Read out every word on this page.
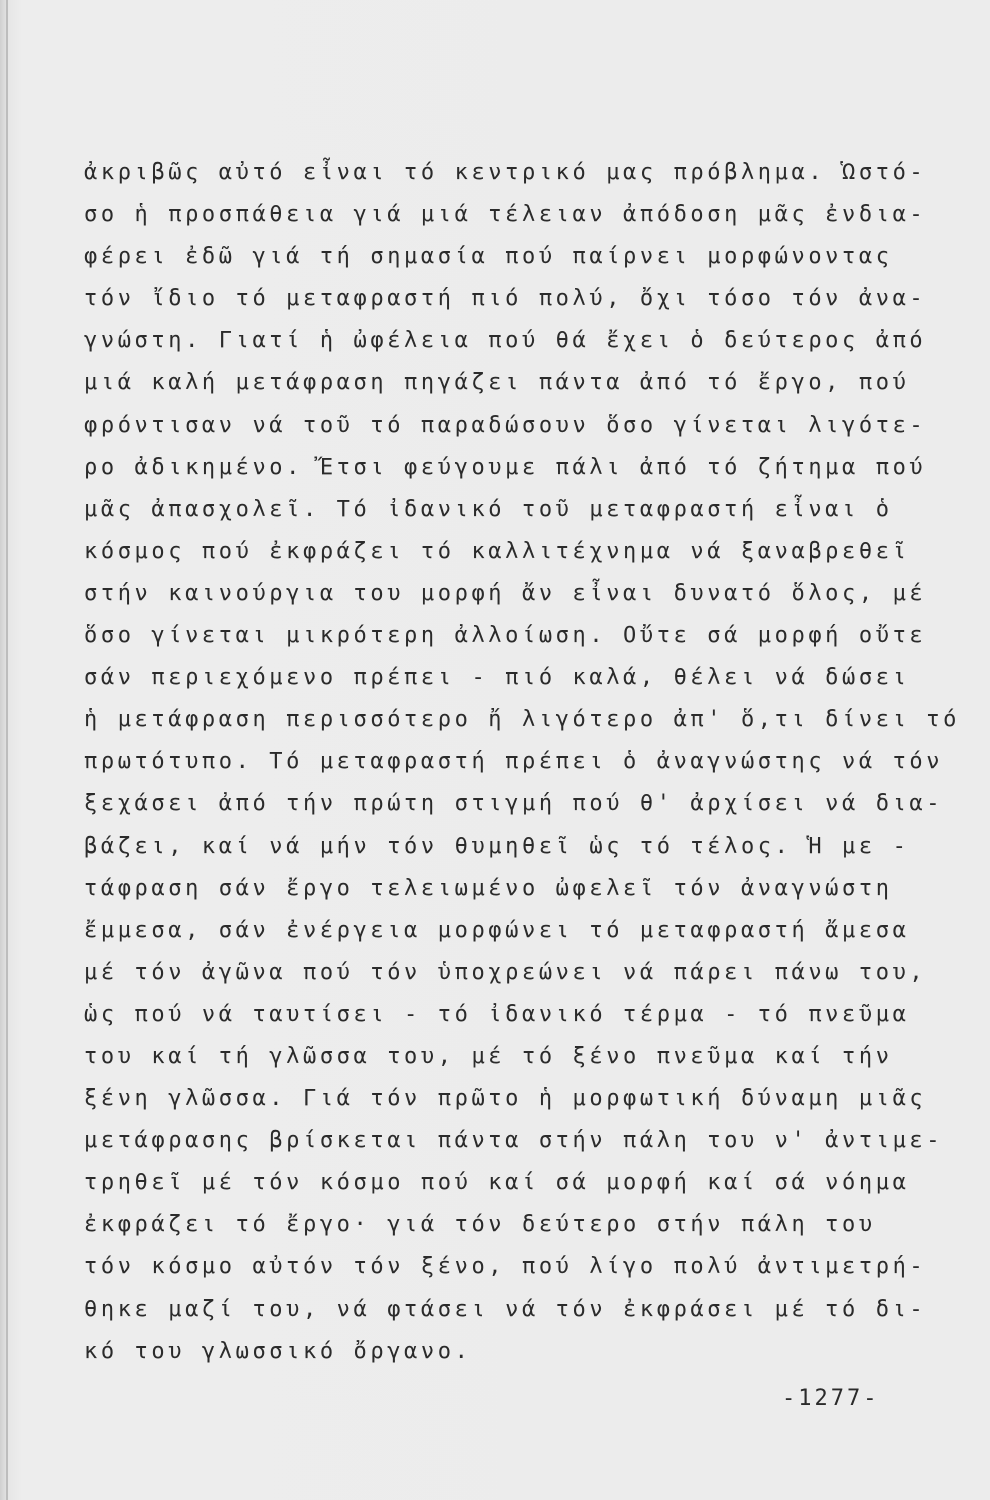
ἀκριβῶς αὐτό εἶναι τό κεντρικό μας πρόβλημα. Ὡστό-
σο ἡ προσπάθεια γιά μιά τέλειαν ἀπόδοση μᾶς ἐνδια-
φέρει ἐδῶ γιά τή σημασία πού παίρνει μορφώνοντας
τόν ἴδιο τό μεταφραστή πιό πολύ, ὄχι τόσο τόν ἀνα-
γνώστη. Γιατί ἡ ὠφέλεια πού θά ἔχει ὁ δεύτερος ἀπό
μιά καλή μετάφραση πηγάζει πάντα ἀπό τό ἔργο, πού
φρόντισαν νά τοῦ τό παραδώσουν ὅσο γίνεται λιγότε-
ρο ἀδικημένο. Ἔτσι φεύγουμε πάλι ἀπό τό ζήτημα πού
μᾶς ἀπασχολεῖ. Τό ἰδανικό τοῦ μεταφραστή εἶναι ὁ
κόσμος πού ἐκφράζει τό καλλιτέχνημα νά ξαναβρεθεῖ
στήν καινούργια του μορφή ἄν εἶναι δυνατό ὅλος, μέ
ὅσο γίνεται μικρότερη ἀλλοίωση. Οὔτε σά μορφή οὔτε
σάν περιεχόμενο πρέπει - πιό καλά, θέλει νά δώσει
ἡ μετάφραση περισσότερο ἤ λιγότερο ἀπ' ὅ,τι δίνει τό
πρωτότυπο. Τό μεταφραστή πρέπει ὁ ἀναγνώστης νά τόν
ξεχάσει ἀπό τήν πρώτη στιγμή πού θ' ἀρχίσει νά δια-
βάζει, καί νά μήν τόν θυμηθεῖ ὡς τό τέλος. Ἡ με -
τάφραση σάν ἔργο τελειωμένο ὠφελεῖ τόν ἀναγνώστη
ἔμμεσα, σάν ἐνέργεια μορφώνει τό μεταφραστή ἄμεσα
μέ τόν ἀγῶνα πού τόν ὑποχρεώνει νά πάρει πάνω του,
ὡς πού νά ταυτίσει - τό ἰδανικό τέρμα - τό πνεῦμα
του καί τή γλῶσσα του, μέ τό ξένο πνεῦμα καί τήν
ξένη γλῶσσα. Γιά τόν πρῶτο ἡ μορφωτική δύναμη μιᾶς
μετάφρασης βρίσκεται πάντα στήν πάλη του ν' ἀντιμε-
τρηθεῖ μέ τόν κόσμο πού καί σά μορφή καί σά νόημα
ἐκφράζει τό ἔργο· γιά τόν δεύτερο στήν πάλη του
τόν κόσμο αὐτόν τόν ξένο, πού λίγο πολύ ἀντιμετρή-
θηκε μαζί του, νά φτάσει νά τόν ἐκφράσει μέ τό δι-
κό του γλωσσικό ὄργανο.
-1277-
